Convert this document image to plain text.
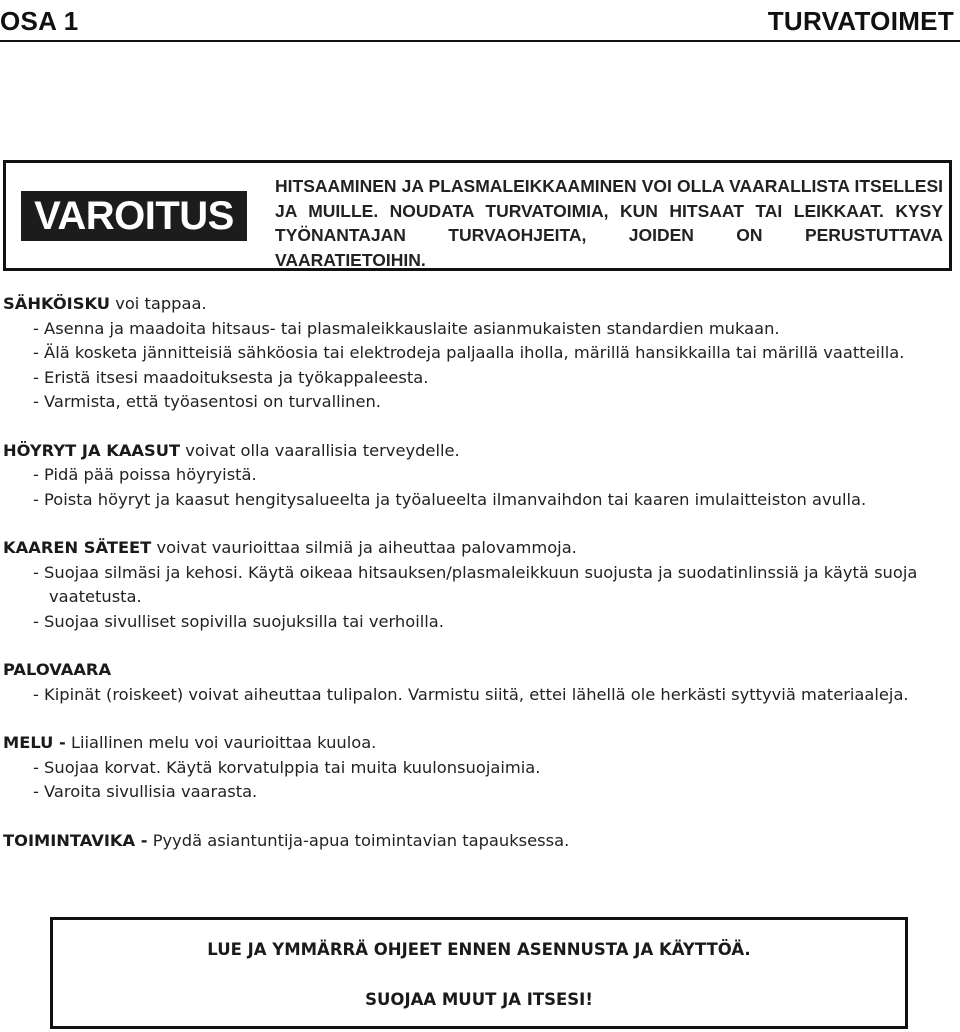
OSA 1	TURVATOIMET
VAROITUS
HITSAAMINEN JA PLASMALEIKKAAMINEN VOI OLLA VAARALLISTA ITSELLESI JA MUILLE. NOUDATA TURVATOIMIA, KUN HITSAAT TAI LEIKKAAT. KYSY TYÖNANTAJAN TURVAOHJEITA, JOIDEN ON PERUSTUTTAVA VAARATIETOIHIN.

SÄHKÖISKU voi tappaa.

- Asenna ja maadoita hitsaus- tai plasmaleikkauslaite asianmukaisten standardien mukaan.

- Älä kosketa jännitteisiä sähköosia tai elektrodeja paljaalla iholla, märillä hansikkailla tai märillä vaatteilla.

- Eristä itsesi maadoituksesta ja työkappaleesta.

- Varmista, että työasentosi on turvallinen.

HÖYRYT JA KAASUT voivat olla vaarallisia terveydelle.

- Pidä pää poissa höyryistä.

- Poista höyryt ja kaasut hengitysalueelta ja työalueelta ilmanvaihdon tai kaaren imulaitteiston avulla.

KAAREN SÄTEET voivat vaurioittaa silmiä ja aiheuttaa palovammoja.

- Suojaa silmäsi ja kehosi. Käytä oikeaa hitsauksen/plasmaleikkuun suojusta ja suodatinlinssiä ja käytä suoja

vaatetusta.

- Suojaa sivulliset sopivilla suojuksilla tai verhoilla.

PALOVAARA

- Kipinät (roiskeet) voivat aiheuttaa tulipalon. Varmistu siitä, ettei lähellä ole herkästi syttyviä materiaaleja.

MELU - Liiallinen melu voi vaurioittaa kuuloa.

- Suojaa korvat. Käytä korvatulppia tai muita kuulonsuojaimia.

- Varoita sivullisia vaarasta.

TOIMINTAVIKA - Pyydä asiantuntija-apua toimintavian tapauksessa.

LUE JA YMMÄRRÄ OHJEET ENNEN ASENNUSTA JA KÄYTTÖÄ.

SUOJAA MUUT JA ITSESI!
